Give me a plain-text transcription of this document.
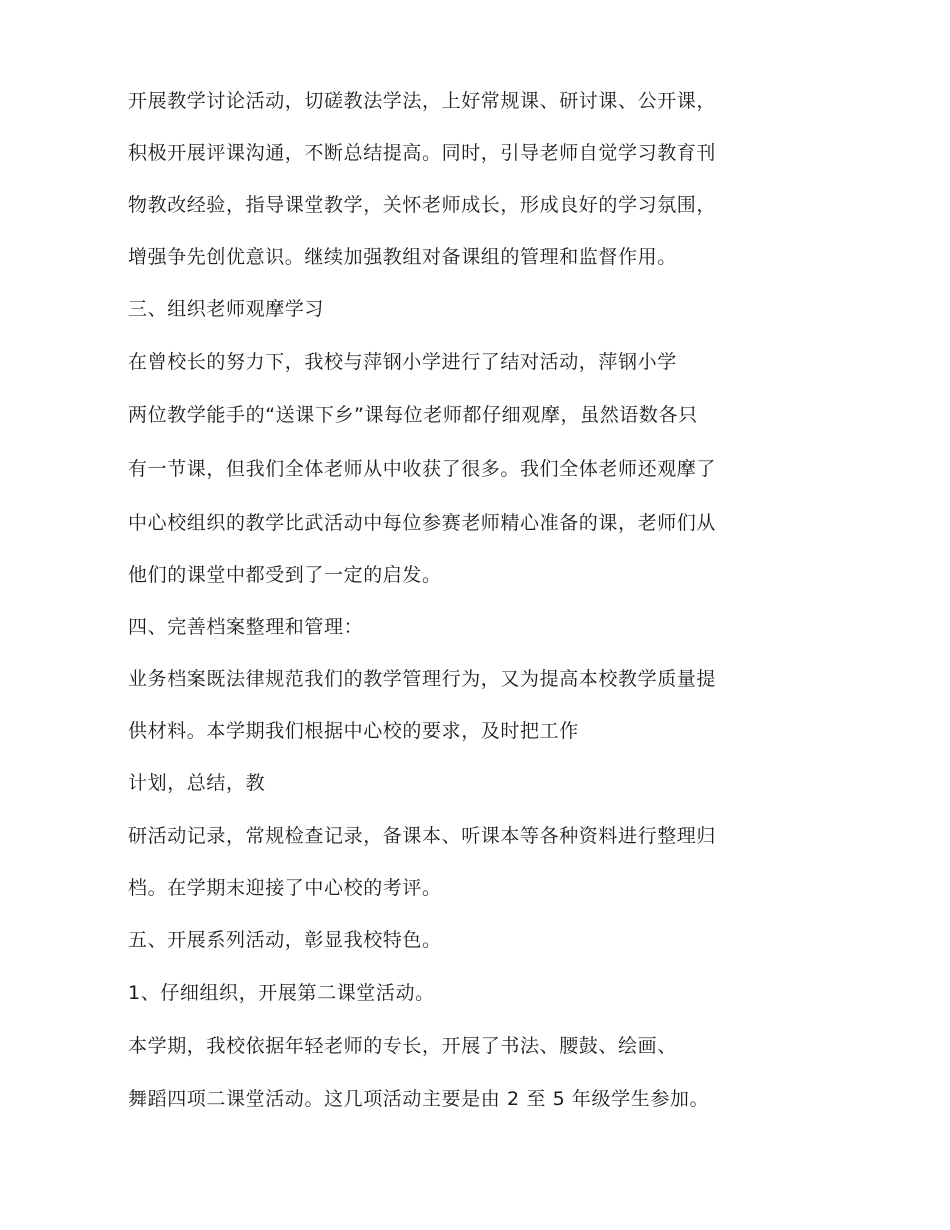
开展教学讨论活动，切磋教法学法，上好常规课、研讨课、公开课，
积极开展评课沟通，不断总结提高。同时，引导老师自觉学习教育刊
物教改经验，指导课堂教学，关怀老师成长，形成良好的学习氛围，
增强争先创优意识。继续加强教组对备课组的管理和监督作用。
三、组织老师观摩学习
在曾校长的努力下，我校与萍钢小学进行了结对活动，萍钢小学
两位教学能手的“送课下乡”课每位老师都仔细观摩，虽然语数各只
有一节课，但我们全体老师从中收获了很多。我们全体老师还观摩了
中心校组织的教学比武活动中每位参赛老师精心准备的课，老师们从
他们的课堂中都受到了一定的启发。
四、完善档案整理和管理：
业务档案既法律规范我们的教学管理行为，又为提高本校教学质量提
供材料。本学期我们根据中心校的要求，及时把工作
计划，总结，教
研活动记录，常规检查记录，备课本、听课本等各种资料进行整理归
档。在学期末迎接了中心校的考评。
五、开展系列活动，彰显我校特色。
1、仔细组织，开展第二课堂活动。
本学期，我校依据年轻老师的专长，开展了书法、腰鼓、绘画、
舞蹈四项二课堂活动。这几项活动主要是由 2 至 5 年级学生参加。
